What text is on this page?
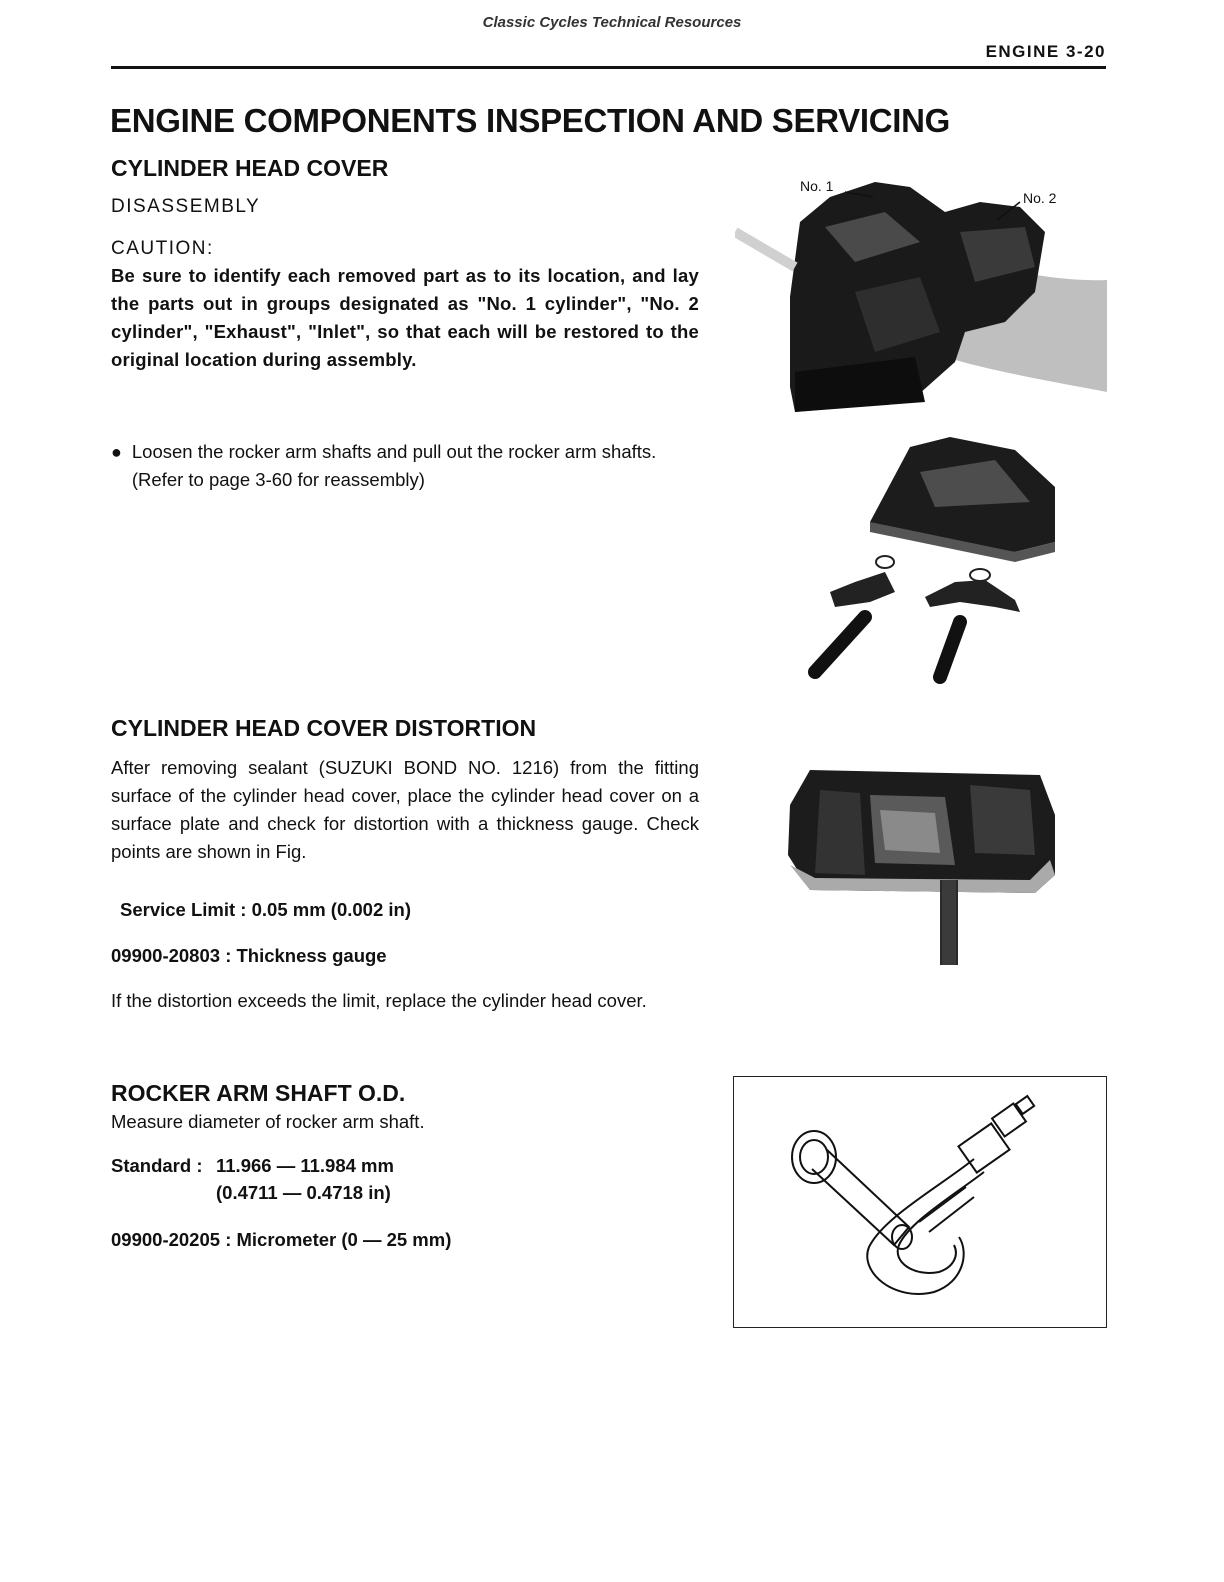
Classic Cycles Technical Resources
ENGINE 3-20
ENGINE COMPONENTS INSPECTION AND SERVICING
CYLINDER HEAD COVER
DISASSEMBLY
CAUTION:
Be sure to identify each removed part as to its location, and lay the parts out in groups designated as "No. 1 cylinder", "No. 2 cylinder", "Exhaust", "Inlet", so that each will be restored to the original location during assembly.
No. 1
No. 2
● Loosen the rocker arm shafts and pull out the rocker arm shafts.
(Refer to page 3-60 for reassembly)
CYLINDER HEAD COVER DISTORTION
After removing sealant (SUZUKI BOND NO. 1216) from the fitting surface of the cylinder head cover, place the cylinder head cover on a surface plate and check for distortion with a thickness gauge. Check points are shown in Fig.
Service Limit : 0.05 mm (0.002 in)
09900-20803 : Thickness gauge
If the distortion exceeds the limit, replace the cylinder head cover.
ROCKER ARM SHAFT O.D.
Measure diameter of rocker arm shaft.
Standard : 11.966 — 11.984 mm
(0.4711 — 0.4718 in)
09900-20205 : Micrometer (0 — 25 mm)
